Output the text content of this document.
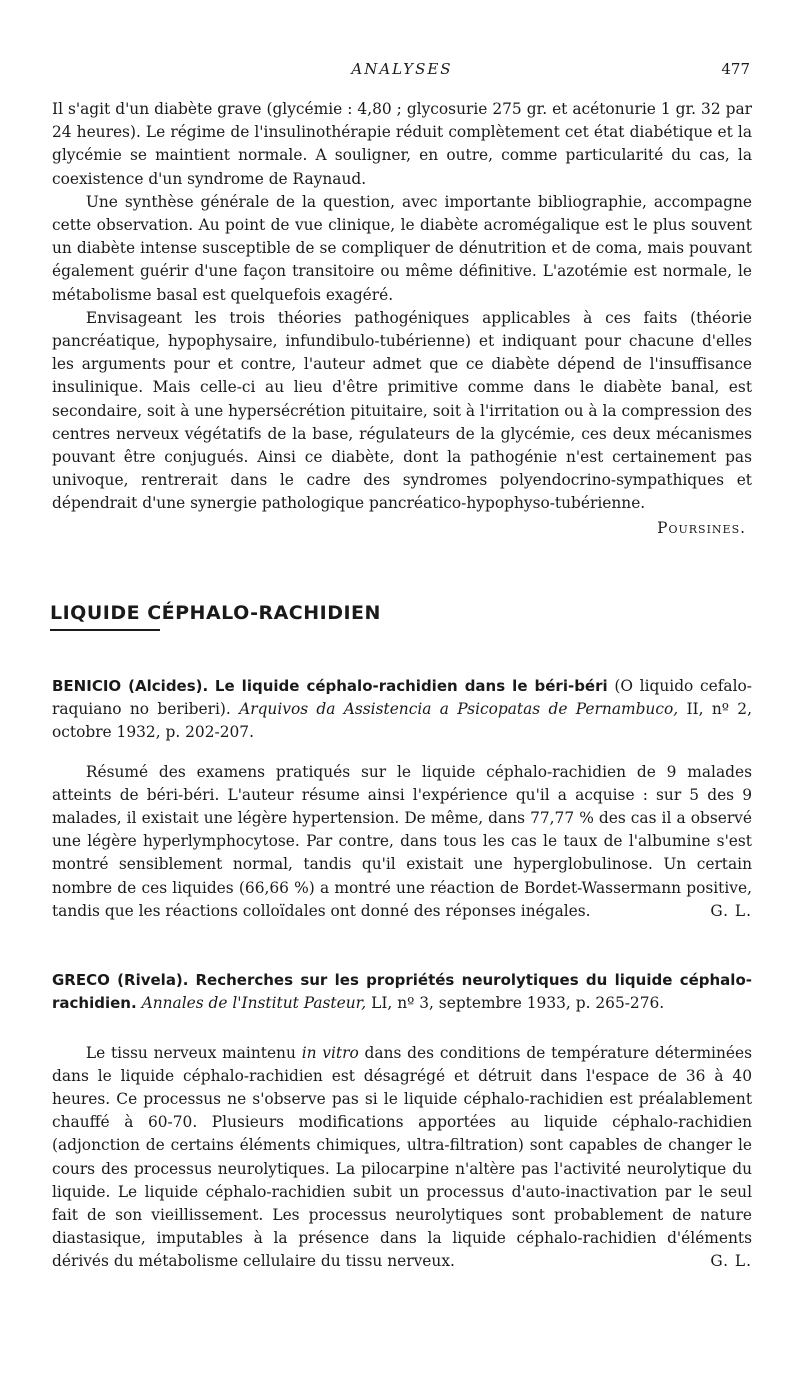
ANALYSES	477

Il s'agit d'un diabète grave (glycémie : 4,80 ; glycosurie 275 gr. et acétonurie 1 gr. 32 par 24 heures). Le régime de l'insulinothérapie réduit complètement cet état diabétique et la glycémie se maintient normale. A souligner, en outre, comme particularité du cas, la coexistence d'un syndrome de Raynaud.

Une synthèse générale de la question, avec importante bibliographie, accompagne cette observation. Au point de vue clinique, le diabète acromégalique est le plus souvent un diabète intense susceptible de se compliquer de dénutrition et de coma, mais pouvant également guérir d'une façon transitoire ou même définitive. L'azotémie est normale, le métabolisme basal est quelquefois exagéré.

Envisageant les trois théories pathogéniques applicables à ces faits (théorie pancréatique, hypophysaire, infundibulo-tubérienne) et indiquant pour chacune d'elles les arguments pour et contre, l'auteur admet que ce diabète dépend de l'insuffisance insulinique. Mais celle-ci au lieu d'être primitive comme dans le diabète banal, est secondaire, soit à une hypersécrétion pituitaire, soit à l'irritation ou à la compression des centres nerveux végétatifs de la base, régulateurs de la glycémie, ces deux mécanismes pouvant être conjugués. Ainsi ce diabète, dont la pathogénie n'est certainement pas univoque, rentrerait dans le cadre des syndromes polyendocrino-sympathiques et dépendrait d'une synergie pathologique pancréatico-hypophyso-tubérienne.

Poursines.

LIQUIDE CÉPHALO-RACHIDIEN

BENICIO (Alcides). Le liquide céphalo-rachidien dans le béri-béri (O liquido cefalo-raquiano no beriberi). Arquivos da Assistencia a Psicopatas de Pernambuco, II, nº 2, octobre 1932, p. 202-207.

Résumé des examens pratiqués sur le liquide céphalo-rachidien de 9 malades atteints de béri-béri. L'auteur résume ainsi l'expérience qu'il a acquise : sur 5 des 9 malades, il existait une légère hypertension. De même, dans 77,77 % des cas il a observé une légère hyperlymphocytose. Par contre, dans tous les cas le taux de l'albumine s'est montré sensiblement normal, tandis qu'il existait une hyperglobulinose. Un certain nombre de ces liquides (66,66 %) a montré une réaction de Bordet-Wassermann positive, tandis que les réactions colloïdales ont donné des réponses inégales.	G. L.

GRECO (Rivela). Recherches sur les propriétés neurolytiques du liquide céphalo-rachidien. Annales de l'Institut Pasteur, LI, nº 3, septembre 1933, p. 265-276.

Le tissu nerveux maintenu in vitro dans des conditions de température déterminées dans le liquide céphalo-rachidien est désagrégé et détruit dans l'espace de 36 à 40 heures. Ce processus ne s'observe pas si le liquide céphalo-rachidien est préalablement chauffé à 60-70. Plusieurs modifications apportées au liquide céphalo-rachidien (adjonction de certains éléments chimiques, ultra-filtration) sont capables de changer le cours des processus neurolytiques. La pilocarpine n'altère pas l'activité neurolytique du liquide. Le liquide céphalo-rachidien subit un processus d'auto-inactivation par le seul fait de son vieillissement. Les processus neurolytiques sont probablement de nature diastasique, imputables à la présence dans la liquide céphalo-rachidien d'éléments dérivés du métabolisme cellulaire du tissu nerveux.	G. L.
